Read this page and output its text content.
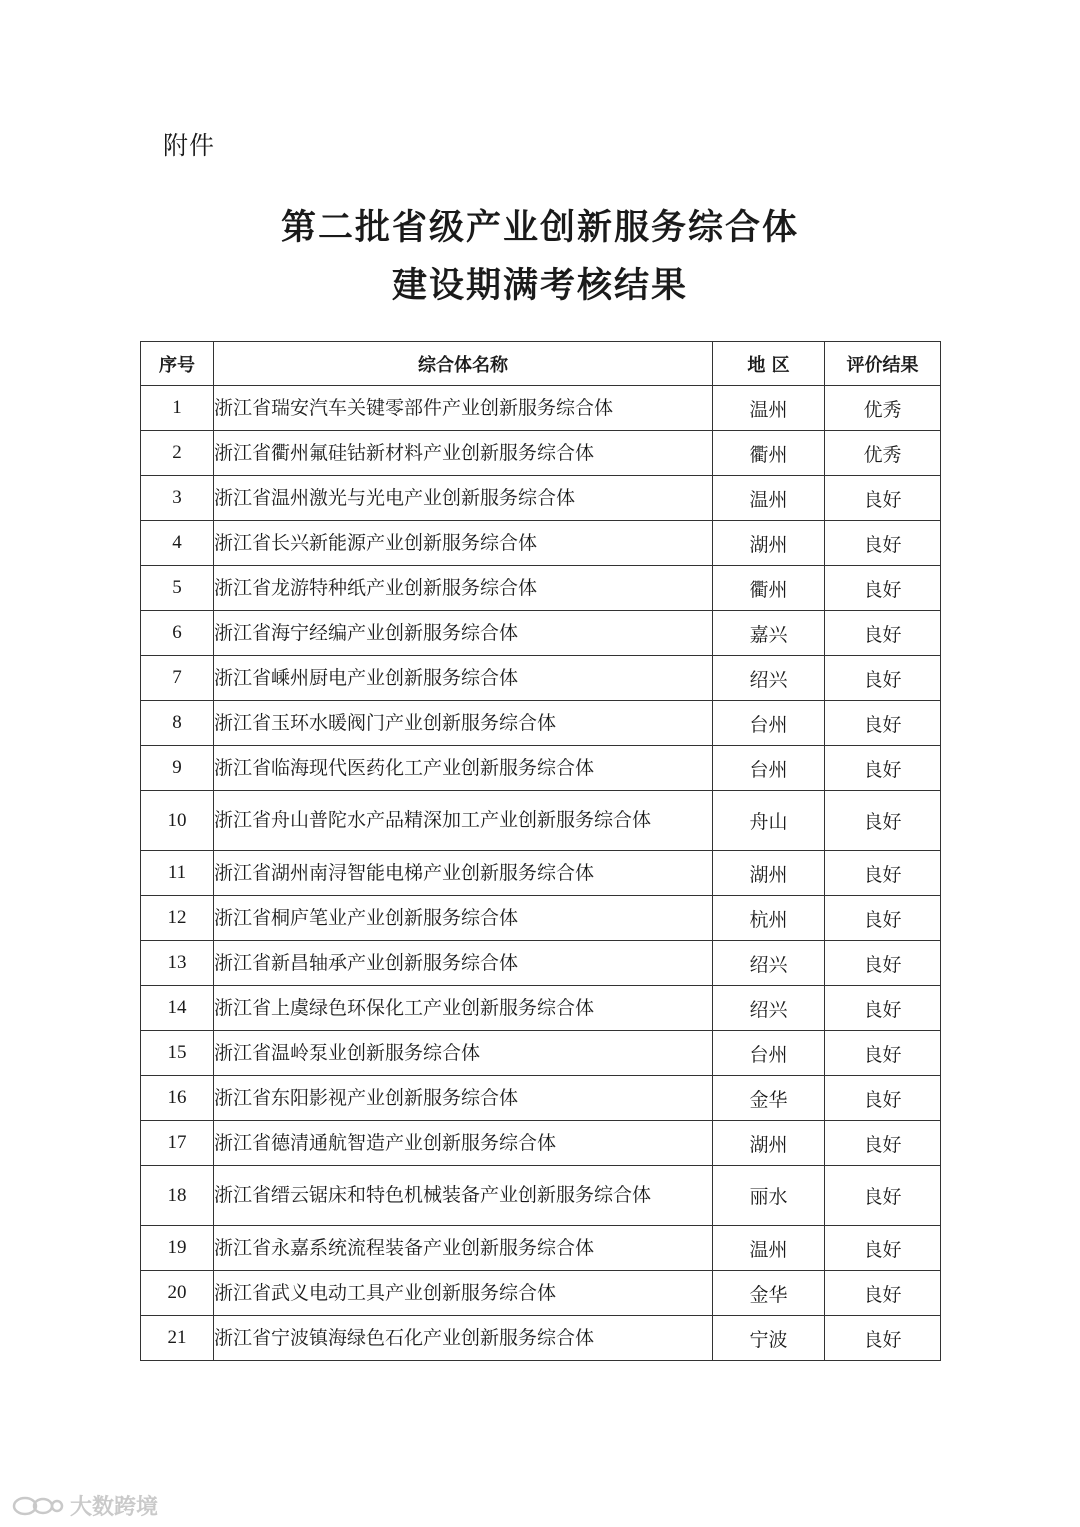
附件
第二批省级产业创新服务综合体
建设期满考核结果
序号	综合体名称	地 区	评价结果
1	浙江省瑞安汽车关键零部件产业创新服务综合体	温州	优秀
2	浙江省衢州氟硅钴新材料产业创新服务综合体	衢州	优秀
3	浙江省温州激光与光电产业创新服务综合体	温州	良好
4	浙江省长兴新能源产业创新服务综合体	湖州	良好
5	浙江省龙游特种纸产业创新服务综合体	衢州	良好
6	浙江省海宁经编产业创新服务综合体	嘉兴	良好
7	浙江省嵊州厨电产业创新服务综合体	绍兴	良好
8	浙江省玉环水暖阀门产业创新服务综合体	台州	良好
9	浙江省临海现代医药化工产业创新服务综合体	台州	良好
10	浙江省舟山普陀水产品精深加工产业创新服务综合体	舟山	良好
11	浙江省湖州南浔智能电梯产业创新服务综合体	湖州	良好
12	浙江省桐庐笔业产业创新服务综合体	杭州	良好
13	浙江省新昌轴承产业创新服务综合体	绍兴	良好
14	浙江省上虞绿色环保化工产业创新服务综合体	绍兴	良好
15	浙江省温岭泵业创新服务综合体	台州	良好
16	浙江省东阳影视产业创新服务综合体	金华	良好
17	浙江省德清通航智造产业创新服务综合体	湖州	良好
18	浙江省缙云锯床和特色机械装备产业创新服务综合体	丽水	良好
19	浙江省永嘉系统流程装备产业创新服务综合体	温州	良好
20	浙江省武义电动工具产业创新服务综合体	金华	良好
21	浙江省宁波镇海绿色石化产业创新服务综合体	宁波	良好
大数跨境
